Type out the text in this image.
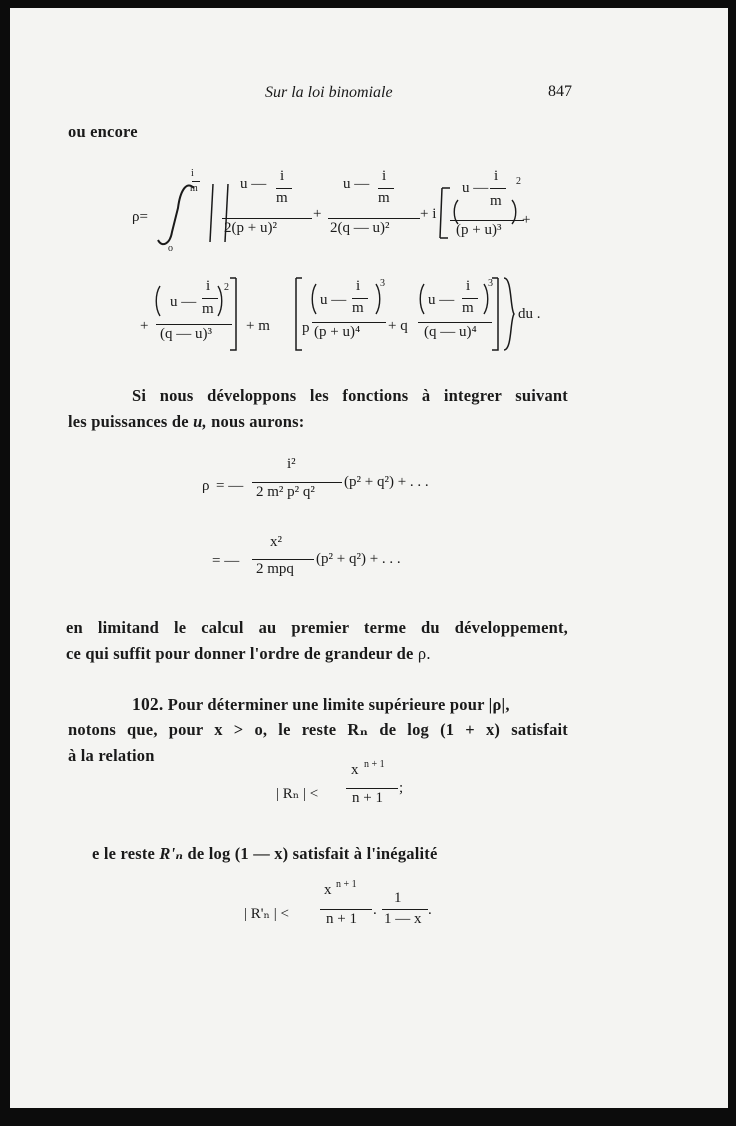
Sur la loi binomiale	847
ou encore
ρ=
i
m
o
u — i
m
2(p + u)²
+
u — i
m
2(q — u)²
+ i
u —
i
m
2
(p + u)³
+
+
u —
i
m
2
(q — u)³ + m p
u —
i
m
3
(p + u)⁴ + q
u —
i
m
3
(q — u)⁴
du .
Si nous développons les fonctions à integrer suivant
les puissances de u, nous aurons:
ρ = —
i²
2 m² p² q²
(p² + q²) + . . .
= —
x²
2 mpq
(p² + q²) + . . .
en limitand le calcul au premier terme du développement,
ce qui suffit pour donner l'ordre de grandeur de ρ.
102. Pour déterminer une limite supérieure pour |ρ|,
notons que, pour x > o, le reste Rₙ de log (1 + x) satisfait
à la relation
| Rₙ | <
x n + 1
n + 1
;
e le reste R'ₙ de log (1 — x) satisfait à l'inégalité
| R'ₙ | <
x n + 1
n + 1
.
1
1 — x
.
